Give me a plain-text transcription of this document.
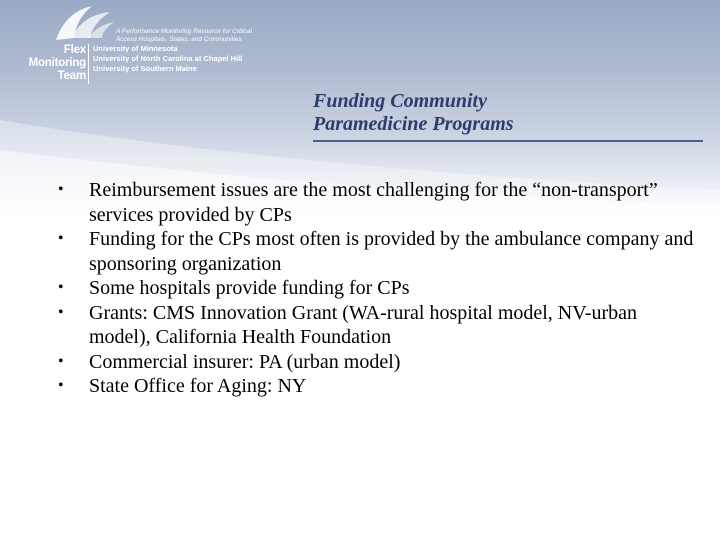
A Performance Monitoring Resource for Critical Access Hospitals, States, and Communities
Flex
Monitoring
Team
University of Minnesota
University of North Carolina at Chapel Hill
University of Southern Maine
Funding Community
Paramedicine Programs
• Reimbursement issues are the most challenging for the “non-transport” services provided by CPs
• Funding for the CPs most often is provided by the ambulance company and sponsoring organization
• Some hospitals provide funding for CPs
• Grants: CMS Innovation Grant (WA-rural hospital model, NV-urban model), California Health Foundation
• Commercial insurer: PA (urban model)
• State Office for Aging: NY
